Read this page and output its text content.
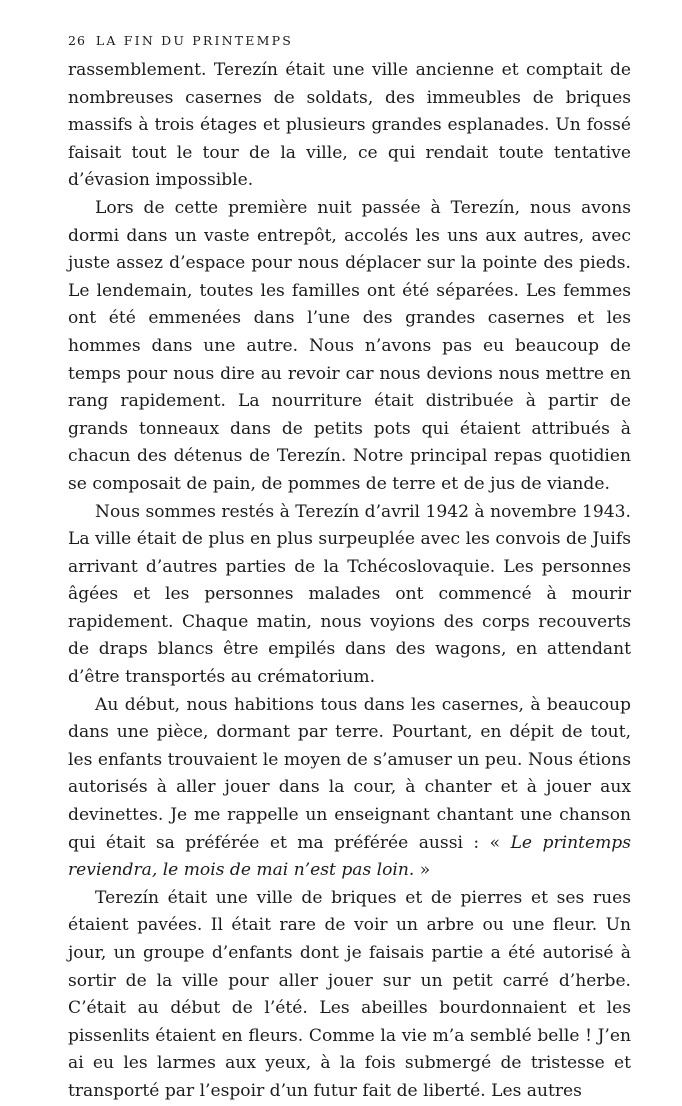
26 LA FIN DU PRINTEMPS

rassemblement. Terezín était une ville ancienne et comptait de nombreuses casernes de soldats, des immeubles de briques massifs à trois étages et plusieurs grandes esplanades. Un fossé faisait tout le tour de la ville, ce qui rendait toute tentative d’évasion impossible.

Lors de cette première nuit passée à Terezín, nous avons dormi dans un vaste entrepôt, accolés les uns aux autres, avec juste assez d’espace pour nous déplacer sur la pointe des pieds. Le lendemain, toutes les familles ont été séparées. Les femmes ont été emmenées dans l’une des grandes casernes et les hommes dans une autre. Nous n’avons pas eu beaucoup de temps pour nous dire au revoir car nous devions nous mettre en rang rapidement. La nourriture était distribuée à partir de grands tonneaux dans de petits pots qui étaient attribués à chacun des détenus de Terezín. Notre principal repas quotidien se composait de pain, de pommes de terre et de jus de viande.

Nous sommes restés à Terezín d’avril 1942 à novembre 1943. La ville était de plus en plus surpeuplée avec les convois de Juifs arrivant d’autres parties de la Tchécoslovaquie. Les personnes âgées et les personnes malades ont commencé à mourir rapidement. Chaque matin, nous voyions des corps recouverts de draps blancs être empilés dans des wagons, en attendant d’être transportés au crématorium.

Au début, nous habitions tous dans les casernes, à beaucoup dans une pièce, dormant par terre. Pourtant, en dépit de tout, les enfants trouvaient le moyen de s’amuser un peu. Nous étions autorisés à aller jouer dans la cour, à chanter et à jouer aux devinettes. Je me rappelle un enseignant chantant une chanson qui était sa préférée et ma préférée aussi : « Le printemps reviendra, le mois de mai n’est pas loin. »

Terezín était une ville de briques et de pierres et ses rues étaient pavées. Il était rare de voir un arbre ou une fleur. Un jour, un groupe d’enfants dont je faisais partie a été autorisé à sortir de la ville pour aller jouer sur un petit carré d’herbe. C’était au début de l’été. Les abeilles bourdonnaient et les pissenlits étaient en fleurs. Comme la vie m’a semblé belle ! J’en ai eu les larmes aux yeux, à la fois submergé de tristesse et transporté par l’espoir d’un futur fait de liberté. Les autres
